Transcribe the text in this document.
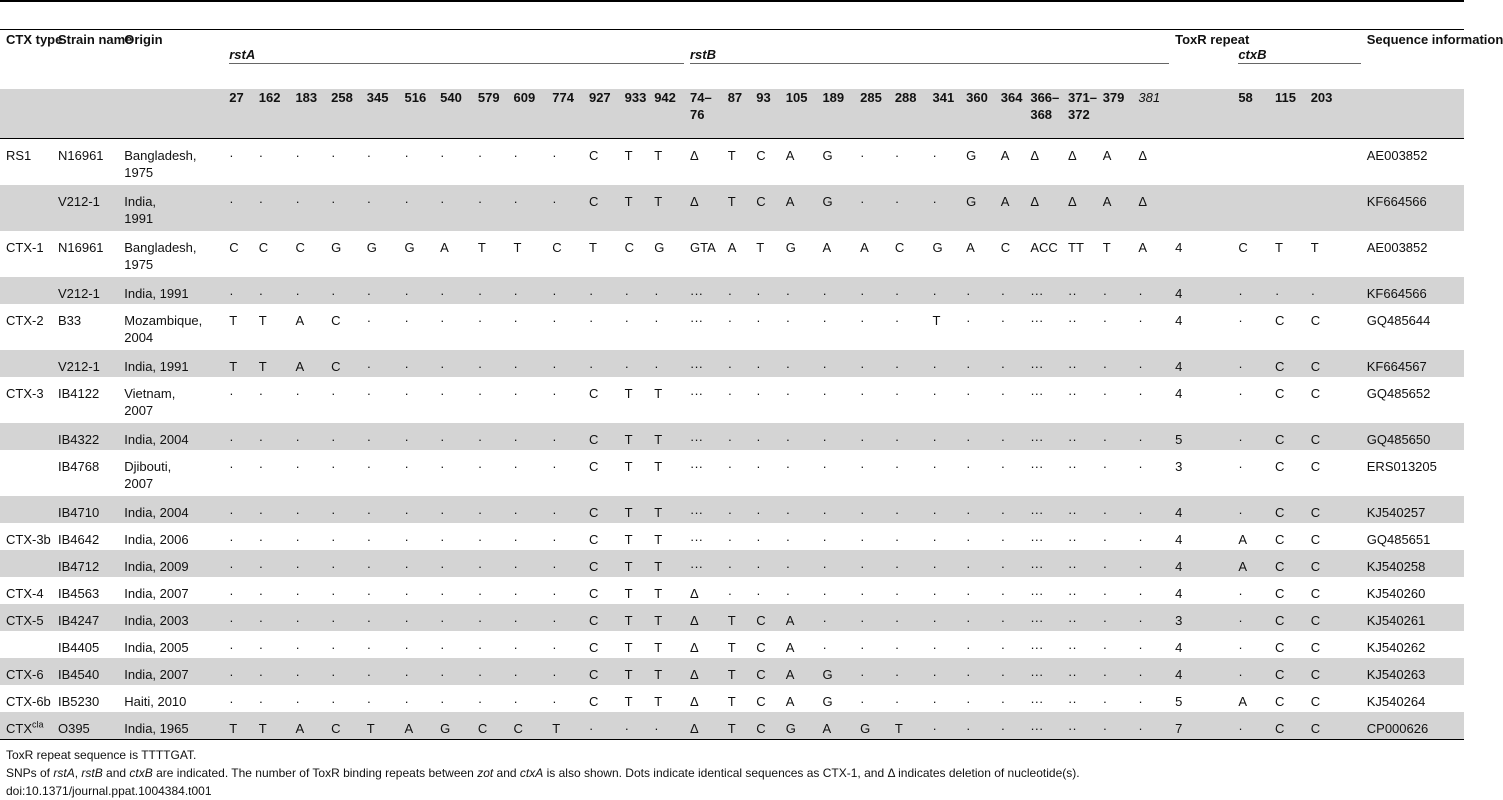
CTX type	Strain name	Origin	rstA													rstB														ToxR repeat	ctxB			Sequence information
			27	162	183	258	345	516	540	579	609	774	927	933	942	74–
76	87	93	105	189	285	288	341	360	364	366–
368	371–
372	379	381		58	115	203	
RS1	N16961	Bangladesh,
1975	·	·	·	·	·	·	·	·	·	·	C	T	T	Δ	T	C	A	G	·	·	·	G	A	Δ	Δ	A	Δ					AE003852
	V212-1	India,
1991	·	·	·	·	·	·	·	·	·	·	C	T	T	Δ	T	C	A	G	·	·	·	G	A	Δ	Δ	A	Δ					KF664566
CTX-1	N16961	Bangladesh,
1975	C	C	C	G	G	G	A	T	T	C	T	C	G	GTA	A	T	G	A	A	C	G	A	C	ACC	TT	T	A	4	C	T	T	AE003852
	V212-1	India, 1991	·	·	·	·	·	·	·	·	·	·	·	·	·	···	·	·	·	·	·	·	·	·	·	···	··	·	·	4	·	·	·	KF664566
CTX-2	B33	Mozambique,
2004	T	T	A	C	·	·	·	·	·	·	·	·	·	···	·	·	·	·	·	·	T	·	·	···	··	·	·	4	·	C	C	GQ485644
	V212-1	India, 1991	T	T	A	C	·	·	·	·	·	·	·	·	·	···	·	·	·	·	·	·	·	·	·	···	··	·	·	4	·	C	C	KF664567
CTX-3	IB4122	Vietnam,
2007	·	·	·	·	·	·	·	·	·	·	C	T	T	···	·	·	·	·	·	·	·	·	·	···	··	·	·	4	·	C	C	GQ485652
	IB4322	India, 2004	·	·	·	·	·	·	·	·	·	·	C	T	T	···	·	·	·	·	·	·	·	·	·	···	··	·	·	5	·	C	C	GQ485650
	IB4768	Djibouti,
2007	·	·	·	·	·	·	·	·	·	·	C	T	T	···	·	·	·	·	·	·	·	·	·	···	··	·	·	3	·	C	C	ERS013205
	IB4710	India, 2004	·	·	·	·	·	·	·	·	·	·	C	T	T	···	·	·	·	·	·	·	·	·	·	···	··	·	·	4	·	C	C	KJ540257
CTX-3b	IB4642	India, 2006	·	·	·	·	·	·	·	·	·	·	C	T	T	···	·	·	·	·	·	·	·	·	·	···	··	·	·	4	A	C	C	GQ485651
	IB4712	India, 2009	·	·	·	·	·	·	·	·	·	·	C	T	T	···	·	·	·	·	·	·	·	·	·	···	··	·	·	4	A	C	C	KJ540258
CTX-4	IB4563	India, 2007	·	·	·	·	·	·	·	·	·	·	C	T	T	Δ	·	·	·	·	·	·	·	·	·	···	··	·	·	4	·	C	C	KJ540260
CTX-5	IB4247	India, 2003	·	·	·	·	·	·	·	·	·	·	C	T	T	Δ	T	C	A	·	·	·	·	·	·	···	··	·	·	3	·	C	C	KJ540261
	IB4405	India, 2005	·	·	·	·	·	·	·	·	·	·	C	T	T	Δ	T	C	A	·	·	·	·	·	·	···	··	·	·	4	·	C	C	KJ540262
CTX-6	IB4540	India, 2007	·	·	·	·	·	·	·	·	·	·	C	T	T	Δ	T	C	A	G	·	·	·	·	·	···	··	·	·	4	·	C	C	KJ540263
CTX-6b	IB5230	Haiti, 2010	·	·	·	·	·	·	·	·	·	·	C	T	T	Δ	T	C	A	G	·	·	·	·	·	···	··	·	·	5	A	C	C	KJ540264
$CTX^{cla}$	O395	India, 1965	T	T	A	C	T	A	G	C	C	T	·	·	·	Δ	T	C	G	A	G	T	·	·	·	···	··	·	·	7	·	C	C	CP000626

ToxR repeat sequence is TTTTGAT.

SNPs of rstA, rstB and ctxB are indicated. The number of ToxR binding repeats between zot and ctxA is also shown. Dots indicate identical sequences as CTX-1, and Δ indicates deletion of nucleotide(s).

doi:10.1371/journal.ppat.1004384.t001
